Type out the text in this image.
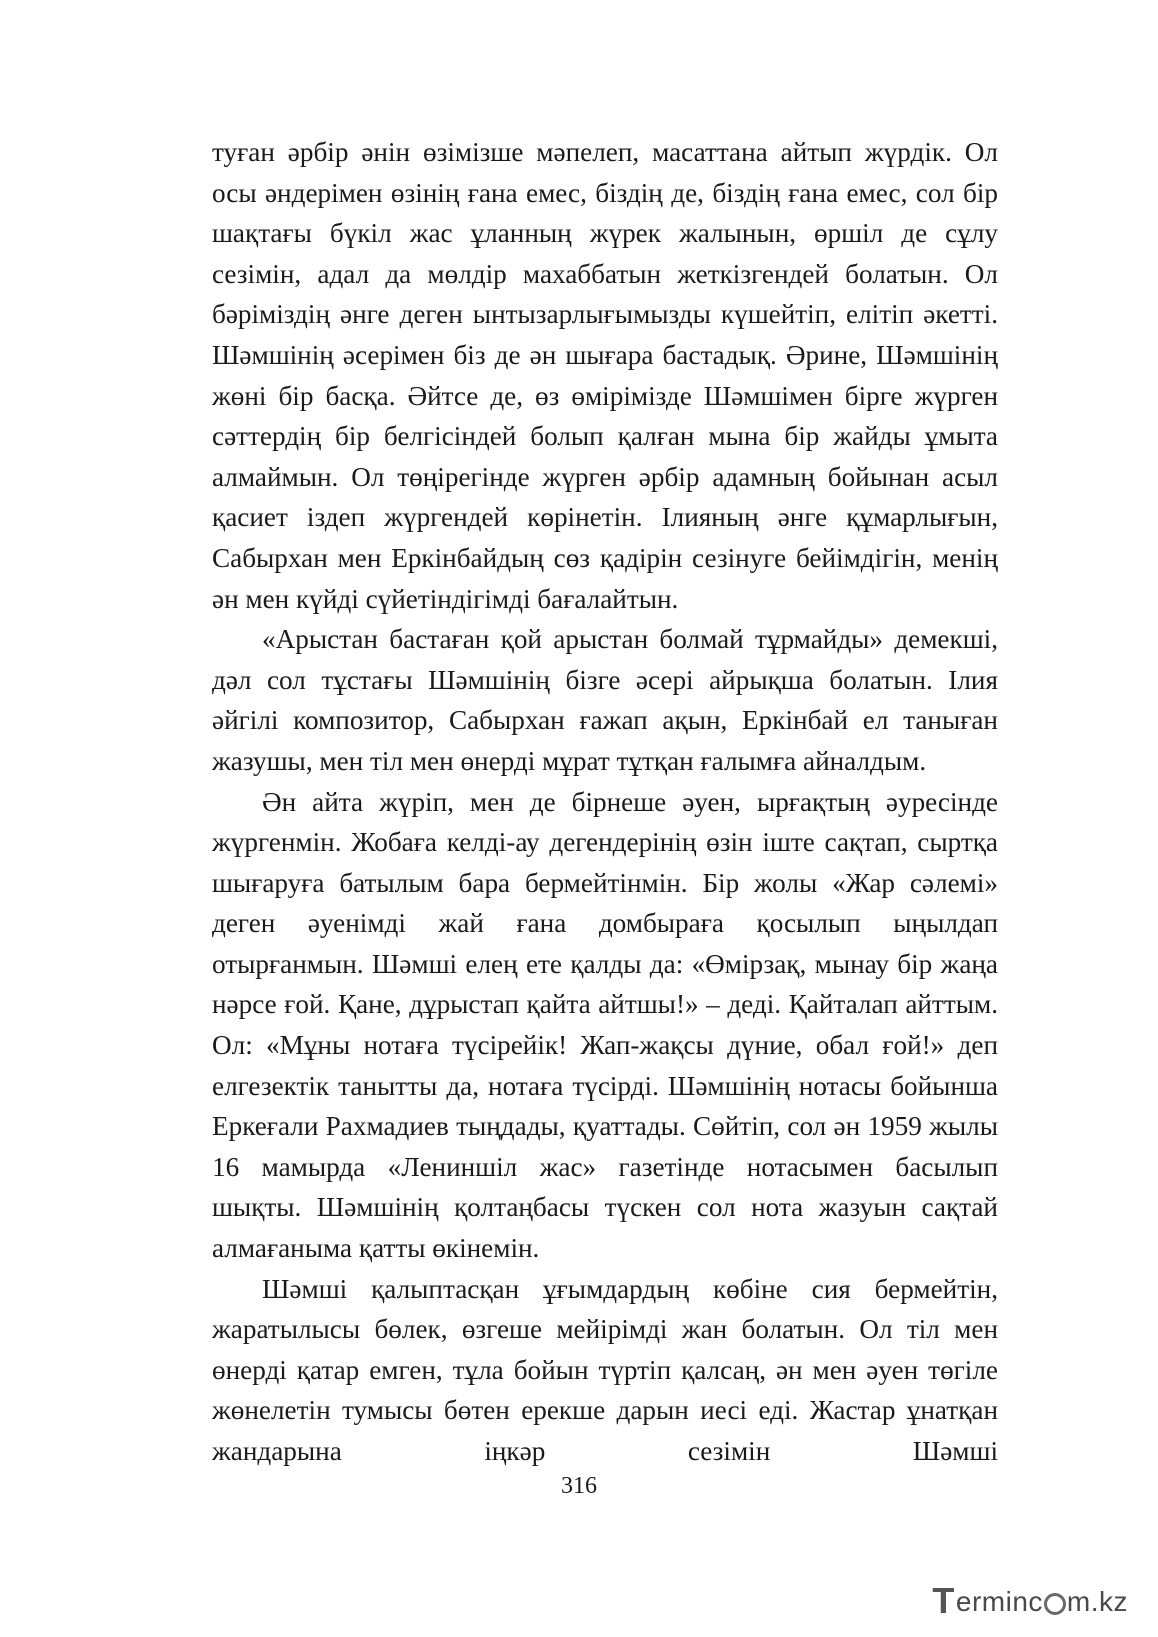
туған әрбір әнін өзімізше мәпелеп, масаттана айтып жүрдік. Ол осы әндерімен өзінің ғана емес, біздің де, біздің ғана емес, сол бір шақтағы бүкіл жас ұланның жүрек жалынын, өршіл де сұлу сезімін, адал да мөлдір махаббатын жеткізгендей болатын. Ол бәрімiздiң әнге деген ынтызарлығымызды күшейтіп, елітіп әкетті. Шәмшінің әсерімен біз де ән шығара бастадық. Әрине, Шәмшінің жөні бір басқа. Әйтсе де, өз өмірімізде Шәмшімен бірге жүрген сәттердің бір белгісіндей болып қалған мына бір жайды ұмыта алмаймын. Ол төңірегінде жүрген әрбір адамның бойынан асыл қасиет іздеп жүргендей көрінетін. Ілияның әнге құмарлығын, Сабырхан мен Еркінбайдың сөз қадірін сезінуге бейімдігін, менің ән мен күйді сүйетіндігімді бағалайтын.

«Арыстан бастаған қой арыстан болмай тұрмайды» демекші, дәл сол тұстағы Шәмшінің бізге әсері айрықша болатын. Ілия әйгілі композитор, Сабырхан ғажап ақын, Еркінбай ел таныған жазушы, мен тіл мен өнерді мұрат тұтқан ғалымға айналдым.

Ән айта жүріп, мен де бірнеше әуен, ырғақтың әуресінде жүргенмін. Жобаға келді-ау дегендерінің өзін іште сақтап, сыртқа шығаруға батылым бара бермейтінмін. Бір жолы «Жар сәлемі» деген әуенімді жай ғана домбыраға қосылып ыңылдап отырғанмын. Шәмші елең ете қалды да: «Өмірзақ, мынау бір жаңа нәрсе ғой. Қане, дұрыстап қайта айтшы!» – деді. Қайталап айттым. Ол: «Мұны нотаға түсірейік! Жап-жақсы дүние, обал ғой!» деп елгезектік танытты да, нотаға түсірді. Шәмшінің нотасы бойынша Еркеғали Рахмадиев тыңдады, қуаттады. Сөйтіп, сол ән 1959 жылы 16 мамырда «Лениншіл жас» газетінде нотасымен басылып шықты. Шәмшінің қолтаңбасы түскен сол нота жазуын сақтай алмағаныма қатты өкінемін.

Шәмші қалыптасқан ұғымдардың көбіне сия бермейтін, жаратылысы бөлек, өзгеше мейірімді жан болатын. Ол тіл мен өнерді қатар емген, тұла бойын түртіп қалсаң, ән мен әуен төгіле жөнелетін тумысы бөтен ерекше дарын иесі еді. Жастар ұнатқан жандарына іңкәр сезімін Шәмші

316
T erminc m.kz
